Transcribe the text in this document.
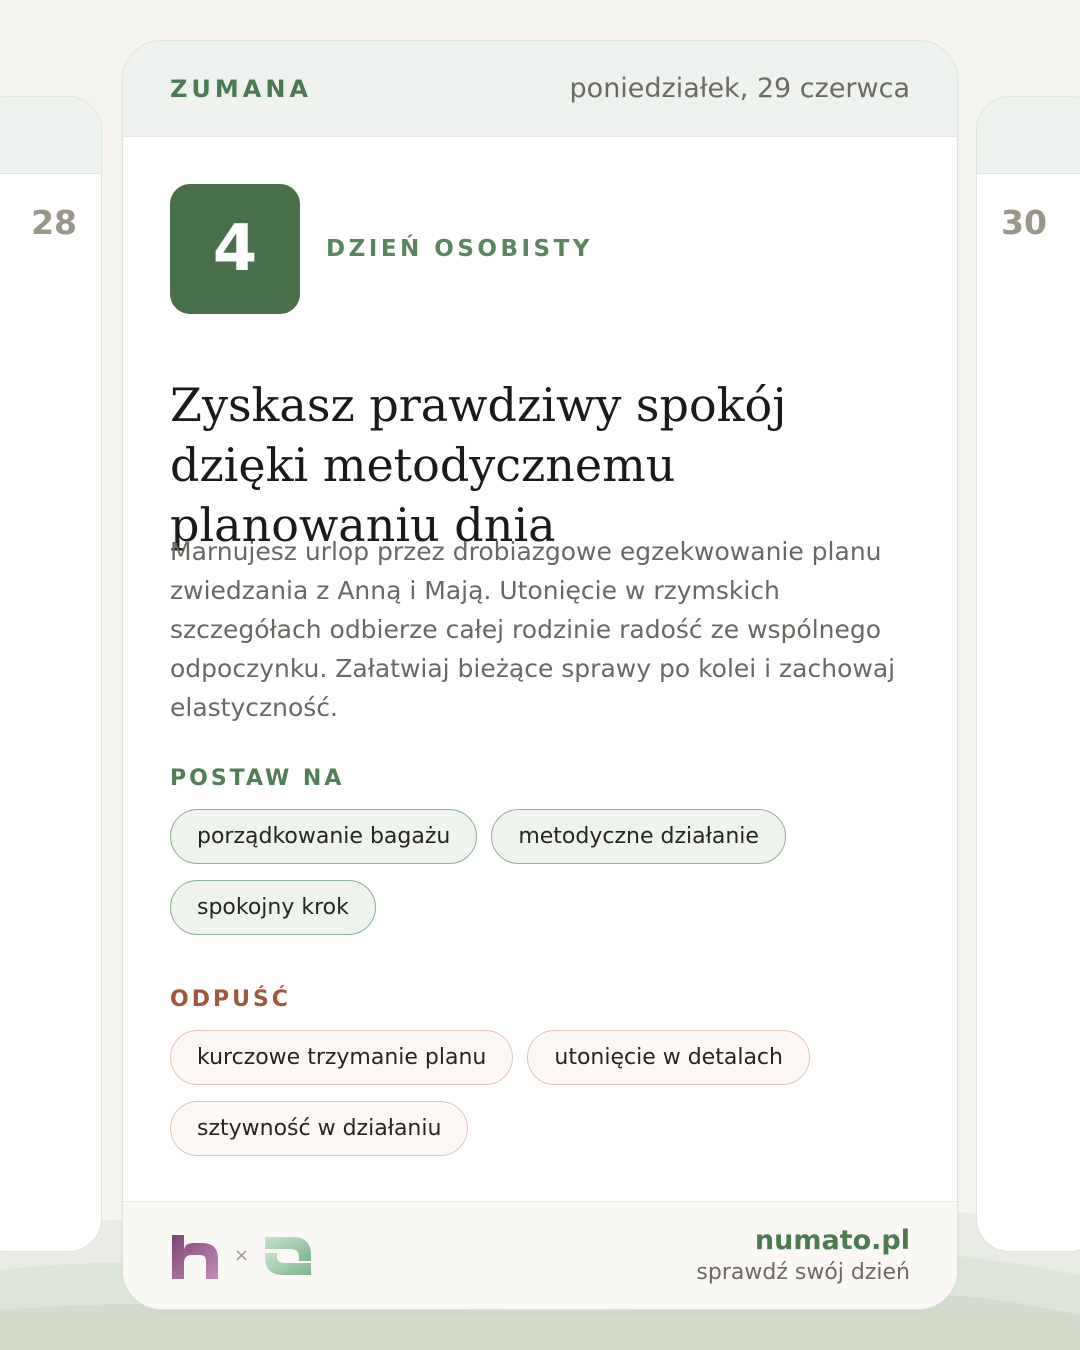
28	30
ZUMANA	poniedziałek, 29 czerwca
4	DZIEŃ OSOBISTY
Zyskasz prawdziwy spokój dzięki metodycznemu planowaniu dnia

Marnujesz urlop przez drobiazgowe egzekwowanie planu zwiedzania z Anną i Mają. Utonięcie w rzymskich szczegółach odbierze całej rodzinie radość ze wspólnego odpoczynku. Załatwiaj bieżące sprawy po kolei i zachowaj elastyczność.

POSTAW NA
porządkowanie bagażu	metodyczne działanie
spokojny krok
ODPUŚĆ
kurczowe trzymanie planu	utonięcie w detalach
sztywność w działaniu
×	numato.pl
sprawdź swój dzień
